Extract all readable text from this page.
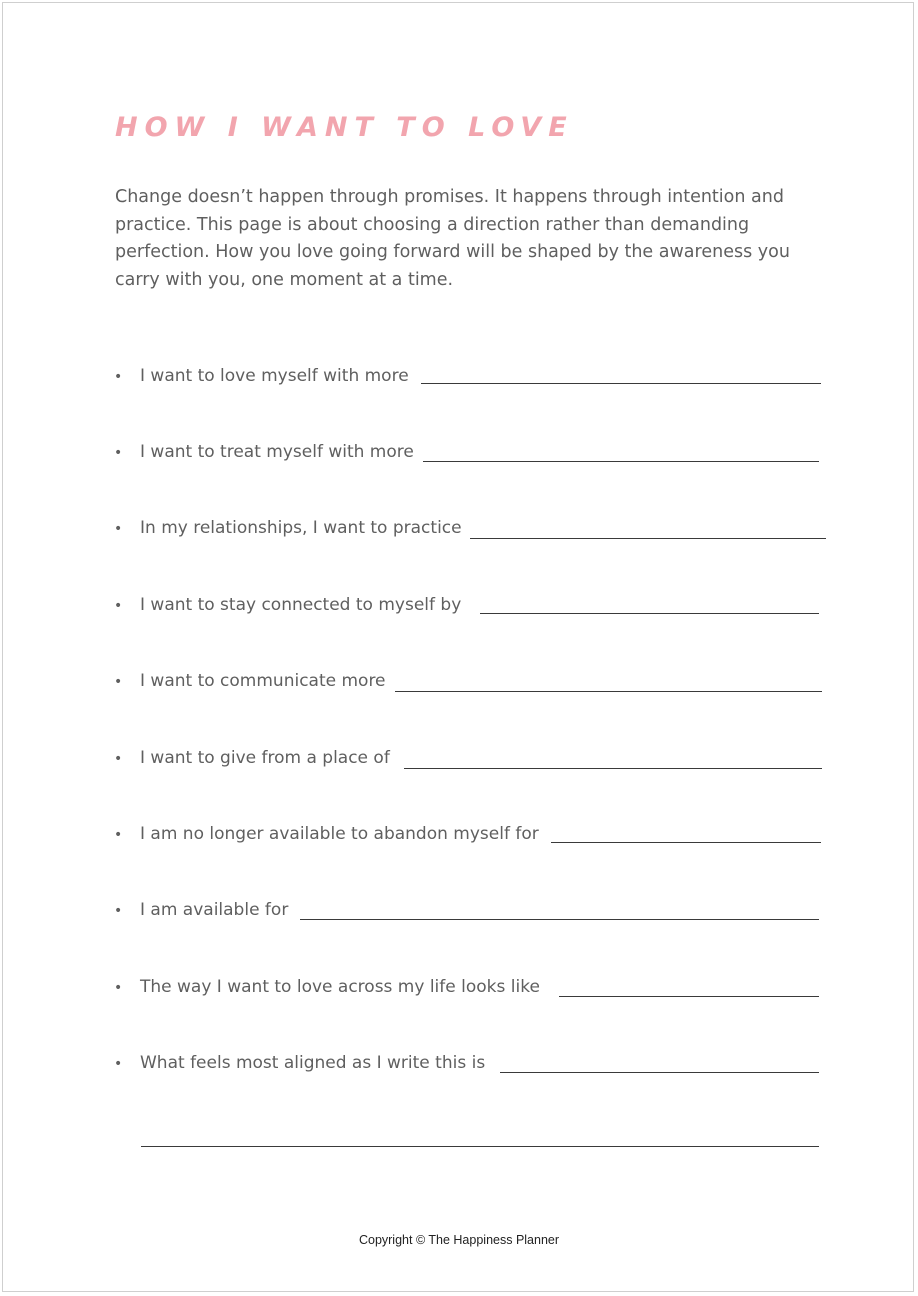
HOW I WANT TO LOVE

Change doesn’t happen through promises. It happens through intention and practice. This page is about choosing a direction rather than demanding perfection. How you love going forward will be shaped by the awareness you carry with you, one moment at a time.

•	I want to love myself with more
•	I want to treat myself with more
•	In my relationships, I want to practice
•	I want to stay connected to myself by
•	I want to communicate more
•	I want to give from a place of
•	I am no longer available to abandon myself for
•	I am available for
•	The way I want to love across my life looks like
•	What feels most aligned as I write this is
Copyright © The Happiness Planner
